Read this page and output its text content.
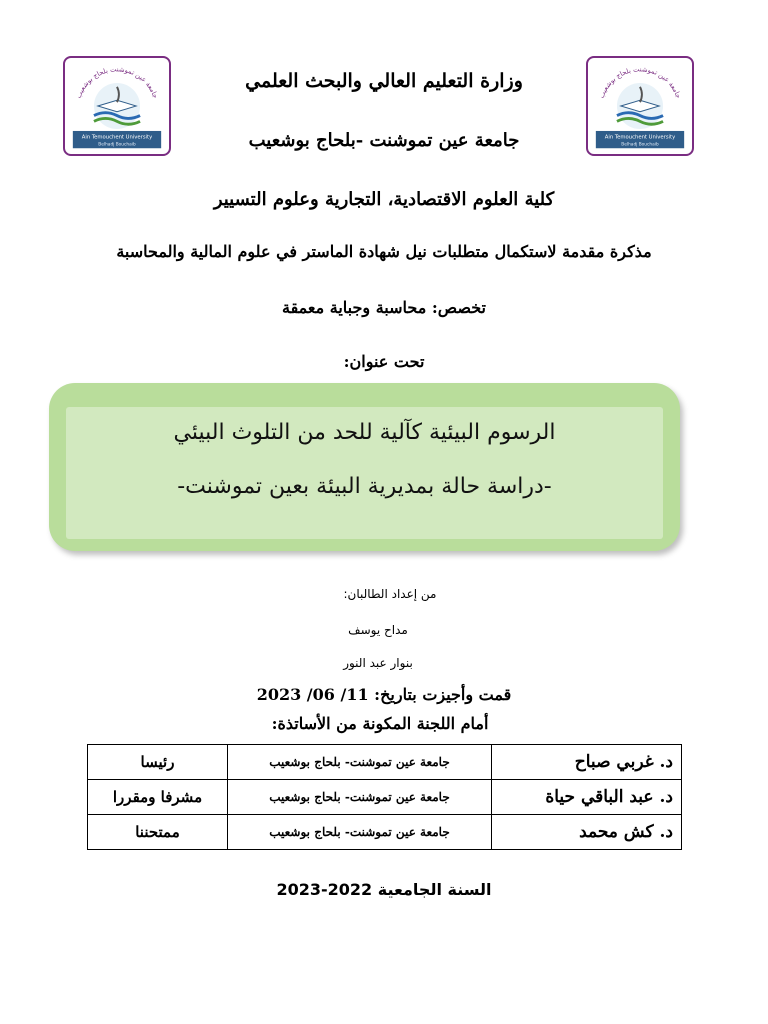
جامعة عين تموشنت بلحاج بوشعيب
Ain Temouchent University
Belhadj Bouchaib
جامعة عين تموشنت بلحاج بوشعيب
Ain Temouchent University
Belhadj Bouchaib
وزارة التعليم العالي والبحث العلمي
جامعة عين تموشنت -بلحاج بوشعيب
كلية العلوم الاقتصادية، التجارية وعلوم التسيير
مذكرة مقدمة لاستكمال متطلبات نيل شهادة الماستر في علوم المالية والمحاسبة
تخصص: محاسبة وجباية معمقة
تحت عنوان:
الرسوم البيئية كآلية للحد من التلوث البيئي
-دراسة حالة بمديرية البيئة بعين تموشنت-
من إعداد الطالبان:
مداح يوسف
بنوار عبد النور
قمت وأجيزت بتاريخ: 11/ 06/ 2023
أمام اللجنة المكونة من الأساتذة:
د. غربي صباح	جامعة عين تموشنت- بلحاج بوشعيب	رئيسا
د. عبد الباقي حياة	جامعة عين تموشنت- بلحاج بوشعيب	مشرفا ومقررا
د. كش محمد	جامعة عين تموشنت- بلحاج بوشعيب	ممتحننا
السنة الجامعية 2022-2023
